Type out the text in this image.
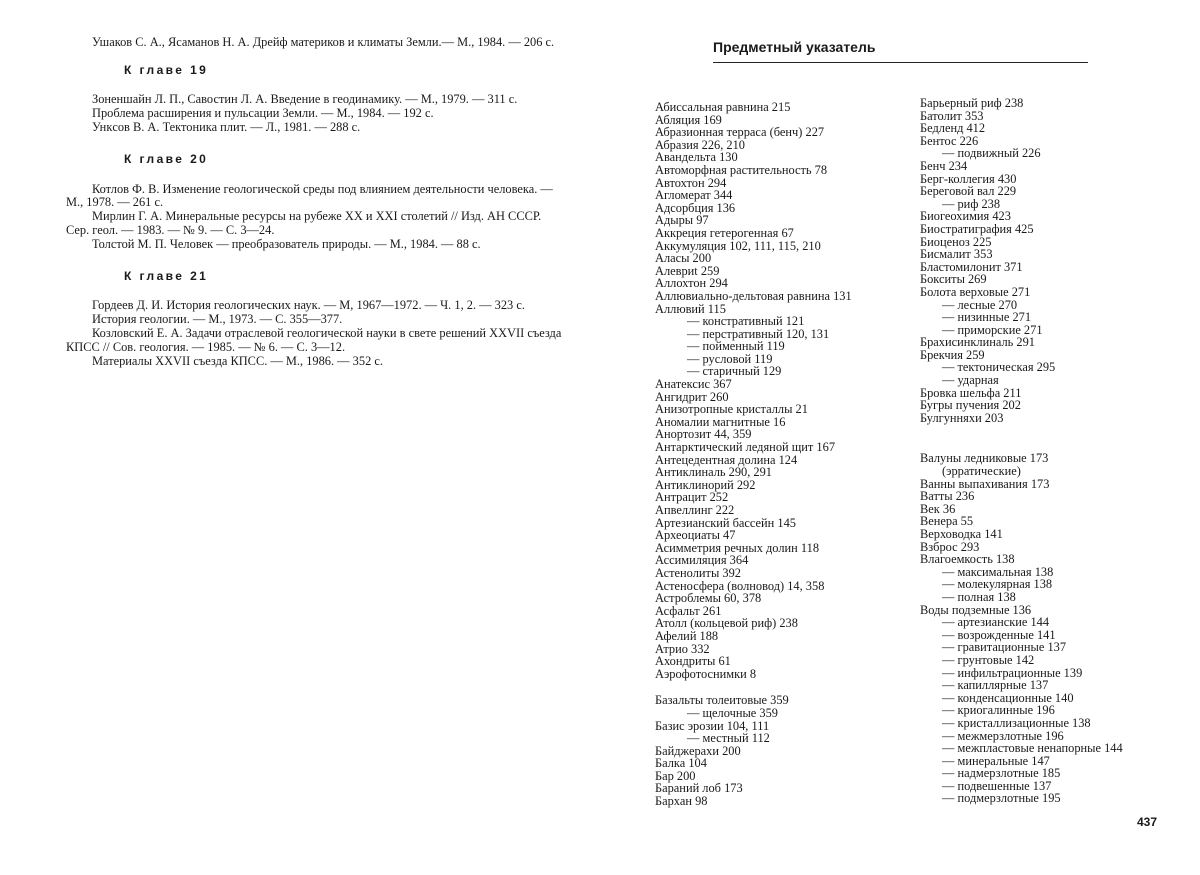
Ушаков С. А., Ясаманов Н. А. Дрейф материков и климаты Земли.— М., 1984. — 206 с.

К главе 19

Зоненшайн Л. П., Савостин Л. А. Введение в геодинамику. — М., 1979. — 311 с.

Проблема расширения и пульсации Земли. — М., 1984. — 192 с.

Ункcов В. А. Тектоника плит. — Л., 1981. — 288 с.

К главе 20

Котлов Ф. В. Изменение геологической среды под влиянием деятельности человека. — М., 1978. — 261 с.

Мирлин Г. А. Минеральные ресурсы на рубеже XX и XXI столетий // Изд. АН СССР. Сер. геол. — 1983. — № 9. — С. 3—24.

Толстой М. П. Человек — преобразователь природы. — М., 1984. — 88 с.

К главе 21

Гордеев Д. И. История геологических наук. — М, 1967—1972. — Ч. 1, 2. — 323 с.

История геологии. — М., 1973. — С. 355—377.

Козловский Е. А. Задачи отраслевой геологической науки в свете решений XXVII съезда КПСС // Сов. геология. — 1985. — № 6. — С. 3—12.

Материалы XXVII съезда КПСС. — М., 1986. — 352 с.

Предметный указатель
Абиссальная равнина 215
Абляция 169
Абразионная терраса (бенч) 227
Абразия 226, 210
Авандельта 130
Автоморфная растительность 78
Автохтон 294
Агломерат 344
Адсорбция 136
Адыры 97
Аккреция гетерогенная 67
Аккумуляция 102, 111, 115, 210
Аласы 200
Алевриt 259
Аллохтон 294
Аллювиально-дельтовая равнина 131
Аллювий 115
— констративный 121
— перстративный 120, 131
— пойменный 119
— русловой 119
— старичный 129
Анатексис 367
Ангидрит 260
Анизотропные кристаллы 21
Аномалии магнитные 16
Анортозит 44, 359
Антарктический ледяной щит 167
Антецедентная долина 124
Антиклиналь 290, 291
Антиклинорий 292
Антрацит 252
Апвеллинг 222
Артезианский бассейн 145
Археоциаты 47
Асимметрия речных долин 118
Ассимиляция 364
Астенолиты 392
Астеносфера (волновод) 14, 358
Астроблемы 60, 378
Асфальт 261
Атолл (кольцевой риф) 238
Афелий 188
Атрио 332
Ахондриты 61
Аэрофотоснимки 8
Базальты толеитовые 359
— щелочные 359
Базис эрозии 104, 111
— местный 112
Байджерахи 200
Балка 104
Бар 200
Бараний лоб 173
Бархан 98
Барьерный риф 238
Батолит 353
Бедленд 412
Бентос 226
— подвижный 226
Бенч 234
Берг-коллегия 430
Береговой вал 229
— риф 238
Биогеохимия 423
Биостратиграфия 425
Биоценоз 225
Бисмалит 353
Бластомилонит 371
Бокситы 269
Болота верховые 271
— лесные 270
— низинные 271
— приморские 271
Брахисинклиналь 291
Брекчия 259
— тектоническая 295
— ударная
Бровка шельфа 211
Бугры пучения 202
Булгунняхи 203
Валуны ледниковые 173
(эрратические)
Ванны выпахивания 173
Ватты 236
Век 36
Венера 55
Верховодка 141
Взброс 293
Влагоемкость 138
— максимальная 138
— молекулярная 138
— полная 138
Воды подземные 136
— артезианские 144
— возрожденные 141
— гравитационные 137
— грунтовые 142
— инфильтрационные 139
— капиллярные 137
— конденсационные 140
— криогалинные 196
— кристаллизационные 138
— межмерзлотные 196
— межпластовые ненапорные 144
— минеральные 147
— надмерзлотные 185
— подвешенные 137
— подмерзлотные 195
437
